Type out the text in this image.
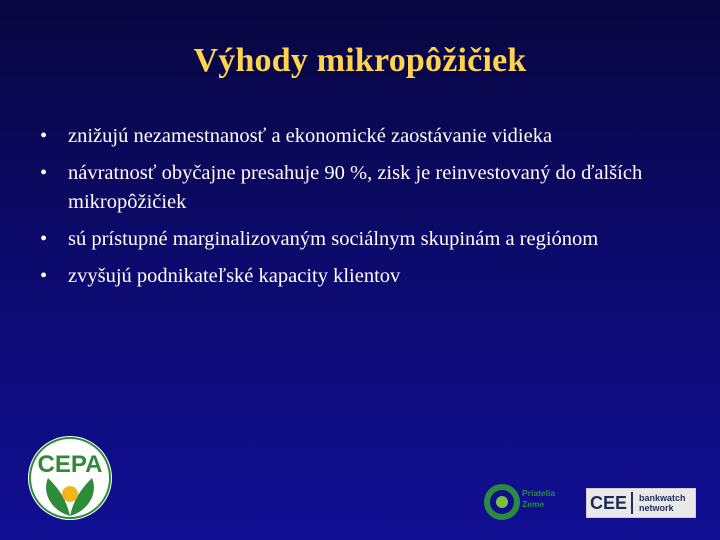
Výhody mikropôžičiek
•	znižujú nezamestnanosť a ekonomické zaostávanie vidieka
•	návratnosť obyčajne presahuje 90 %, zisk je reinvestovaný do ďalších mikropôžičiek
•	sú prístupné marginalizovaným sociálnym skupinám a regiónom
•	zvyšujú podnikateľské kapacity klientov
CEPA
Priatelia
Zeme	CEE	bankwatch
network
